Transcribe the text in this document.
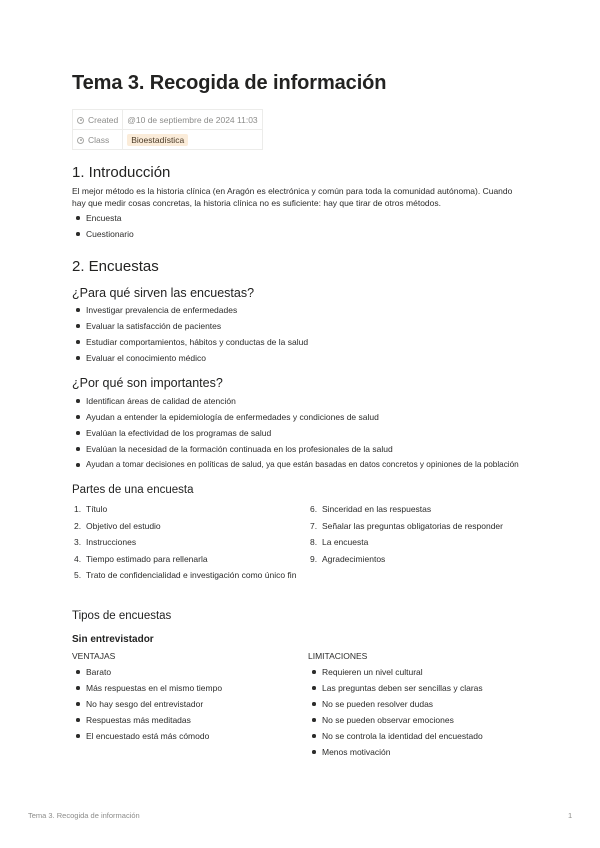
Tema 3. Recogida de información
Created	@10 de septiembre de 2024 11:03
Class	Bioestadística
1. Introducción
El mejor método es la historia clínica (en Aragón es electrónica y común para toda la comunidad autónoma). Cuando hay que medir cosas concretas, la historia clínica no es suficiente: hay que tirar de otros métodos.
Encuesta
Cuestionario
2. Encuestas
¿Para qué sirven las encuestas?
Investigar prevalencia de enfermedades
Evaluar la satisfacción de pacientes
Estudiar comportamientos, hábitos y conductas de la salud
Evaluar el conocimiento médico
¿Por qué son importantes?
Identifican áreas de calidad de atención
Ayudan a entender la epidemiología de enfermedades y condiciones de salud
Evalúan la efectividad de los programas de salud
Evalúan la necesidad de la formación continuada en los profesionales de la salud
Ayudan a tomar decisiones en políticas de salud, ya que están basadas en datos concretos y opiniones de la población
Partes de una encuesta
1. Título
2. Objetivo del estudio
3. Instrucciones
4. Tiempo estimado para rellenarla
5. Trato de confidencialidad e investigación como único fin
6. Sinceridad en las respuestas
7. Señalar las preguntas obligatorias de responder
8. La encuesta
9. Agradecimientos
Tipos de encuestas
Sin entrevistador
VENTAJAS
Barato
Más respuestas en el mismo tiempo
No hay sesgo del entrevistador
Respuestas más meditadas
El encuestado está más cómodo
LIMITACIONES
Requieren un nivel cultural
Las preguntas deben ser sencillas y claras
No se pueden resolver dudas
No se pueden observar emociones
No se controla la identidad del encuestado
Menos motivación
Tema 3. Recogida de información	1
